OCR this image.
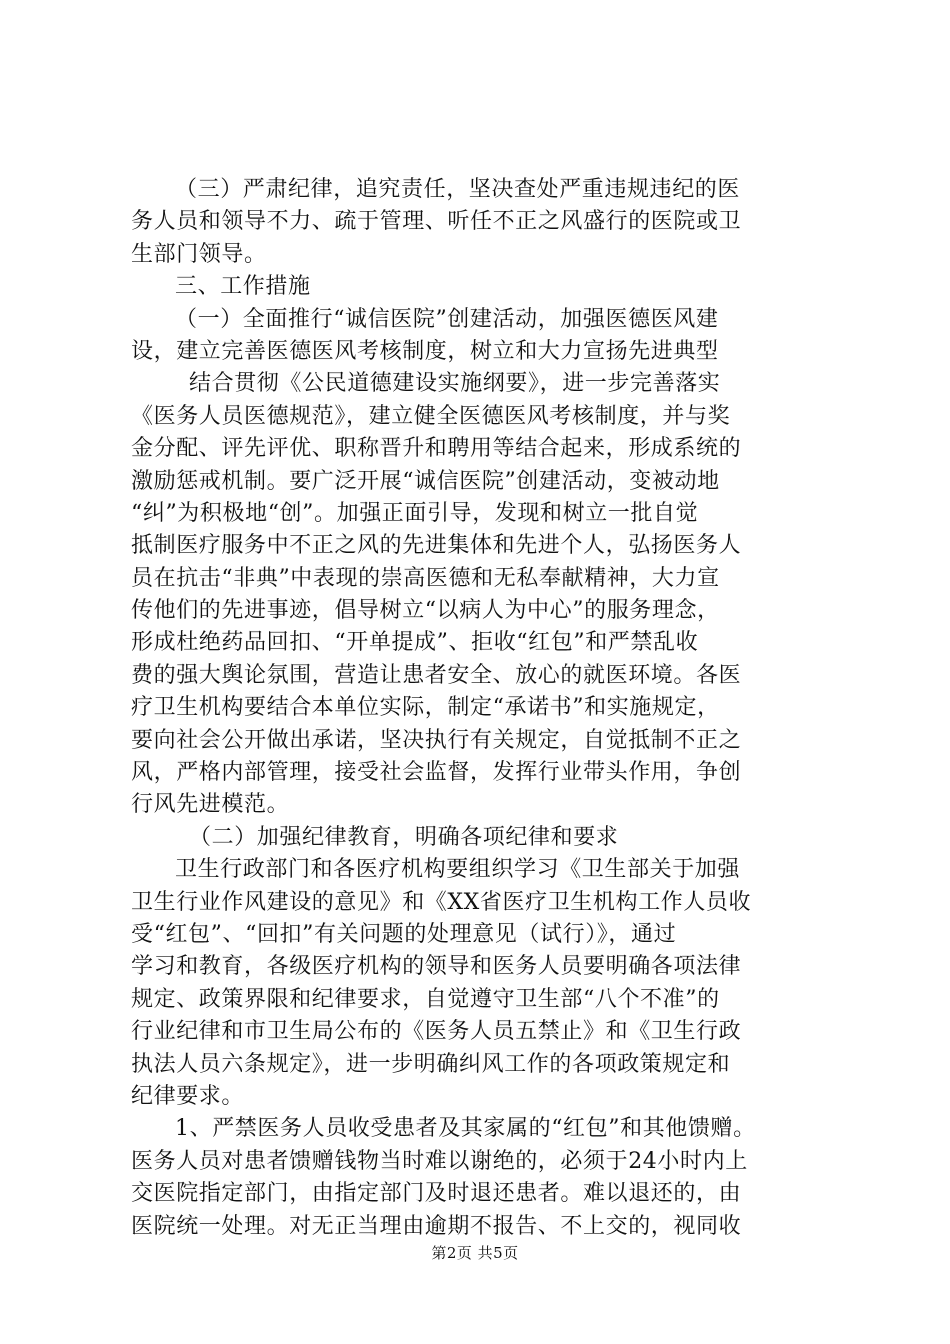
（三）严肃纪律，追究责任，坚决查处严重违规违纪的医
务人员和领导不力、疏于管理、听任不正之风盛行的医院或卫
生部门领导。
三、工作措施
（一）全面推行“诚信医院”创建活动，加强医德医风建
设，建立完善医德医风考核制度，树立和大力宣扬先进典型
结合贯彻《公民道德建设实施纲要》，进一步完善落实
《医务人员医德规范》，建立健全医德医风考核制度，并与奖
金分配、评先评优、职称晋升和聘用等结合起来，形成系统的
激励惩戒机制。要广泛开展“诚信医院”创建活动，变被动地
“纠”为积极地“创”。加强正面引导，发现和树立一批自觉
抵制医疗服务中不正之风的先进集体和先进个人，弘扬医务人
员在抗击“非典”中表现的崇高医德和无私奉献精神，大力宣
传他们的先进事迹，倡导树立“以病人为中心”的服务理念，
形成杜绝药品回扣、“开单提成”、拒收“红包”和严禁乱收
费的强大舆论氛围，营造让患者安全、放心的就医环境。各医
疗卫生机构要结合本单位实际，制定“承诺书”和实施规定，
要向社会公开做出承诺，坚决执行有关规定，自觉抵制不正之
风，严格内部管理，接受社会监督，发挥行业带头作用，争创
行风先进模范。
（二）加强纪律教育，明确各项纪律和要求
卫生行政部门和各医疗机构要组织学习《卫生部关于加强
卫生行业作风建设的意见》和《XX省医疗卫生机构工作人员收
受“红包”、“回扣”有关问题的处理意见（试行）》，通过
学习和教育，各级医疗机构的领导和医务人员要明确各项法律
规定、政策界限和纪律要求，自觉遵守卫生部“八个不准”的
行业纪律和市卫生局公布的《医务人员五禁止》和《卫生行政
执法人员六条规定》，进一步明确纠风工作的各项政策规定和
纪律要求。
1、严禁医务人员收受患者及其家属的“红包”和其他馈赠。
医务人员对患者馈赠钱物当时难以谢绝的，必须于24小时内上
交医院指定部门，由指定部门及时退还患者。难以退还的，由
医院统一处理。对无正当理由逾期不报告、不上交的，视同收
第2页 共5页
